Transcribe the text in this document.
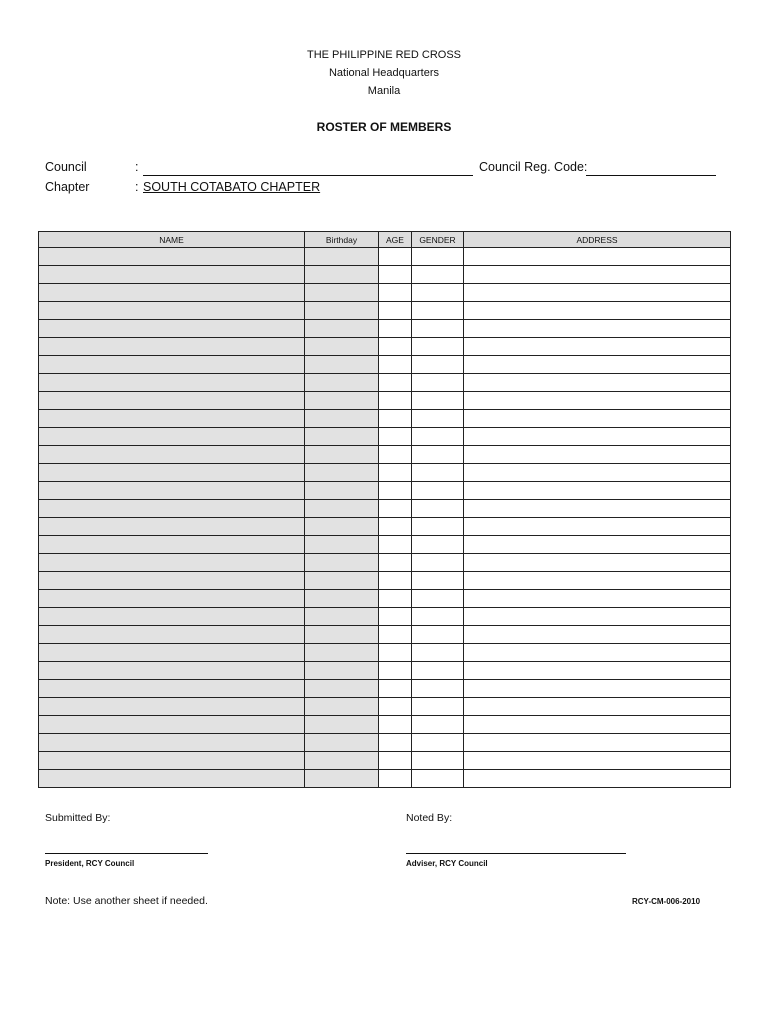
THE PHILIPPINE RED CROSS
National Headquarters
Manila
ROSTER OF MEMBERS
Council	:	Council Reg. Code:
Chapter	: SOUTH COTABATO CHAPTER
NAME	Birthday	AGE	GENDER	ADDRESS

Submitted By:	Noted By:
President, RCY Council	Adviser, RCY Council
Note: Use another sheet if needed.	RCY-CM-006-2010
